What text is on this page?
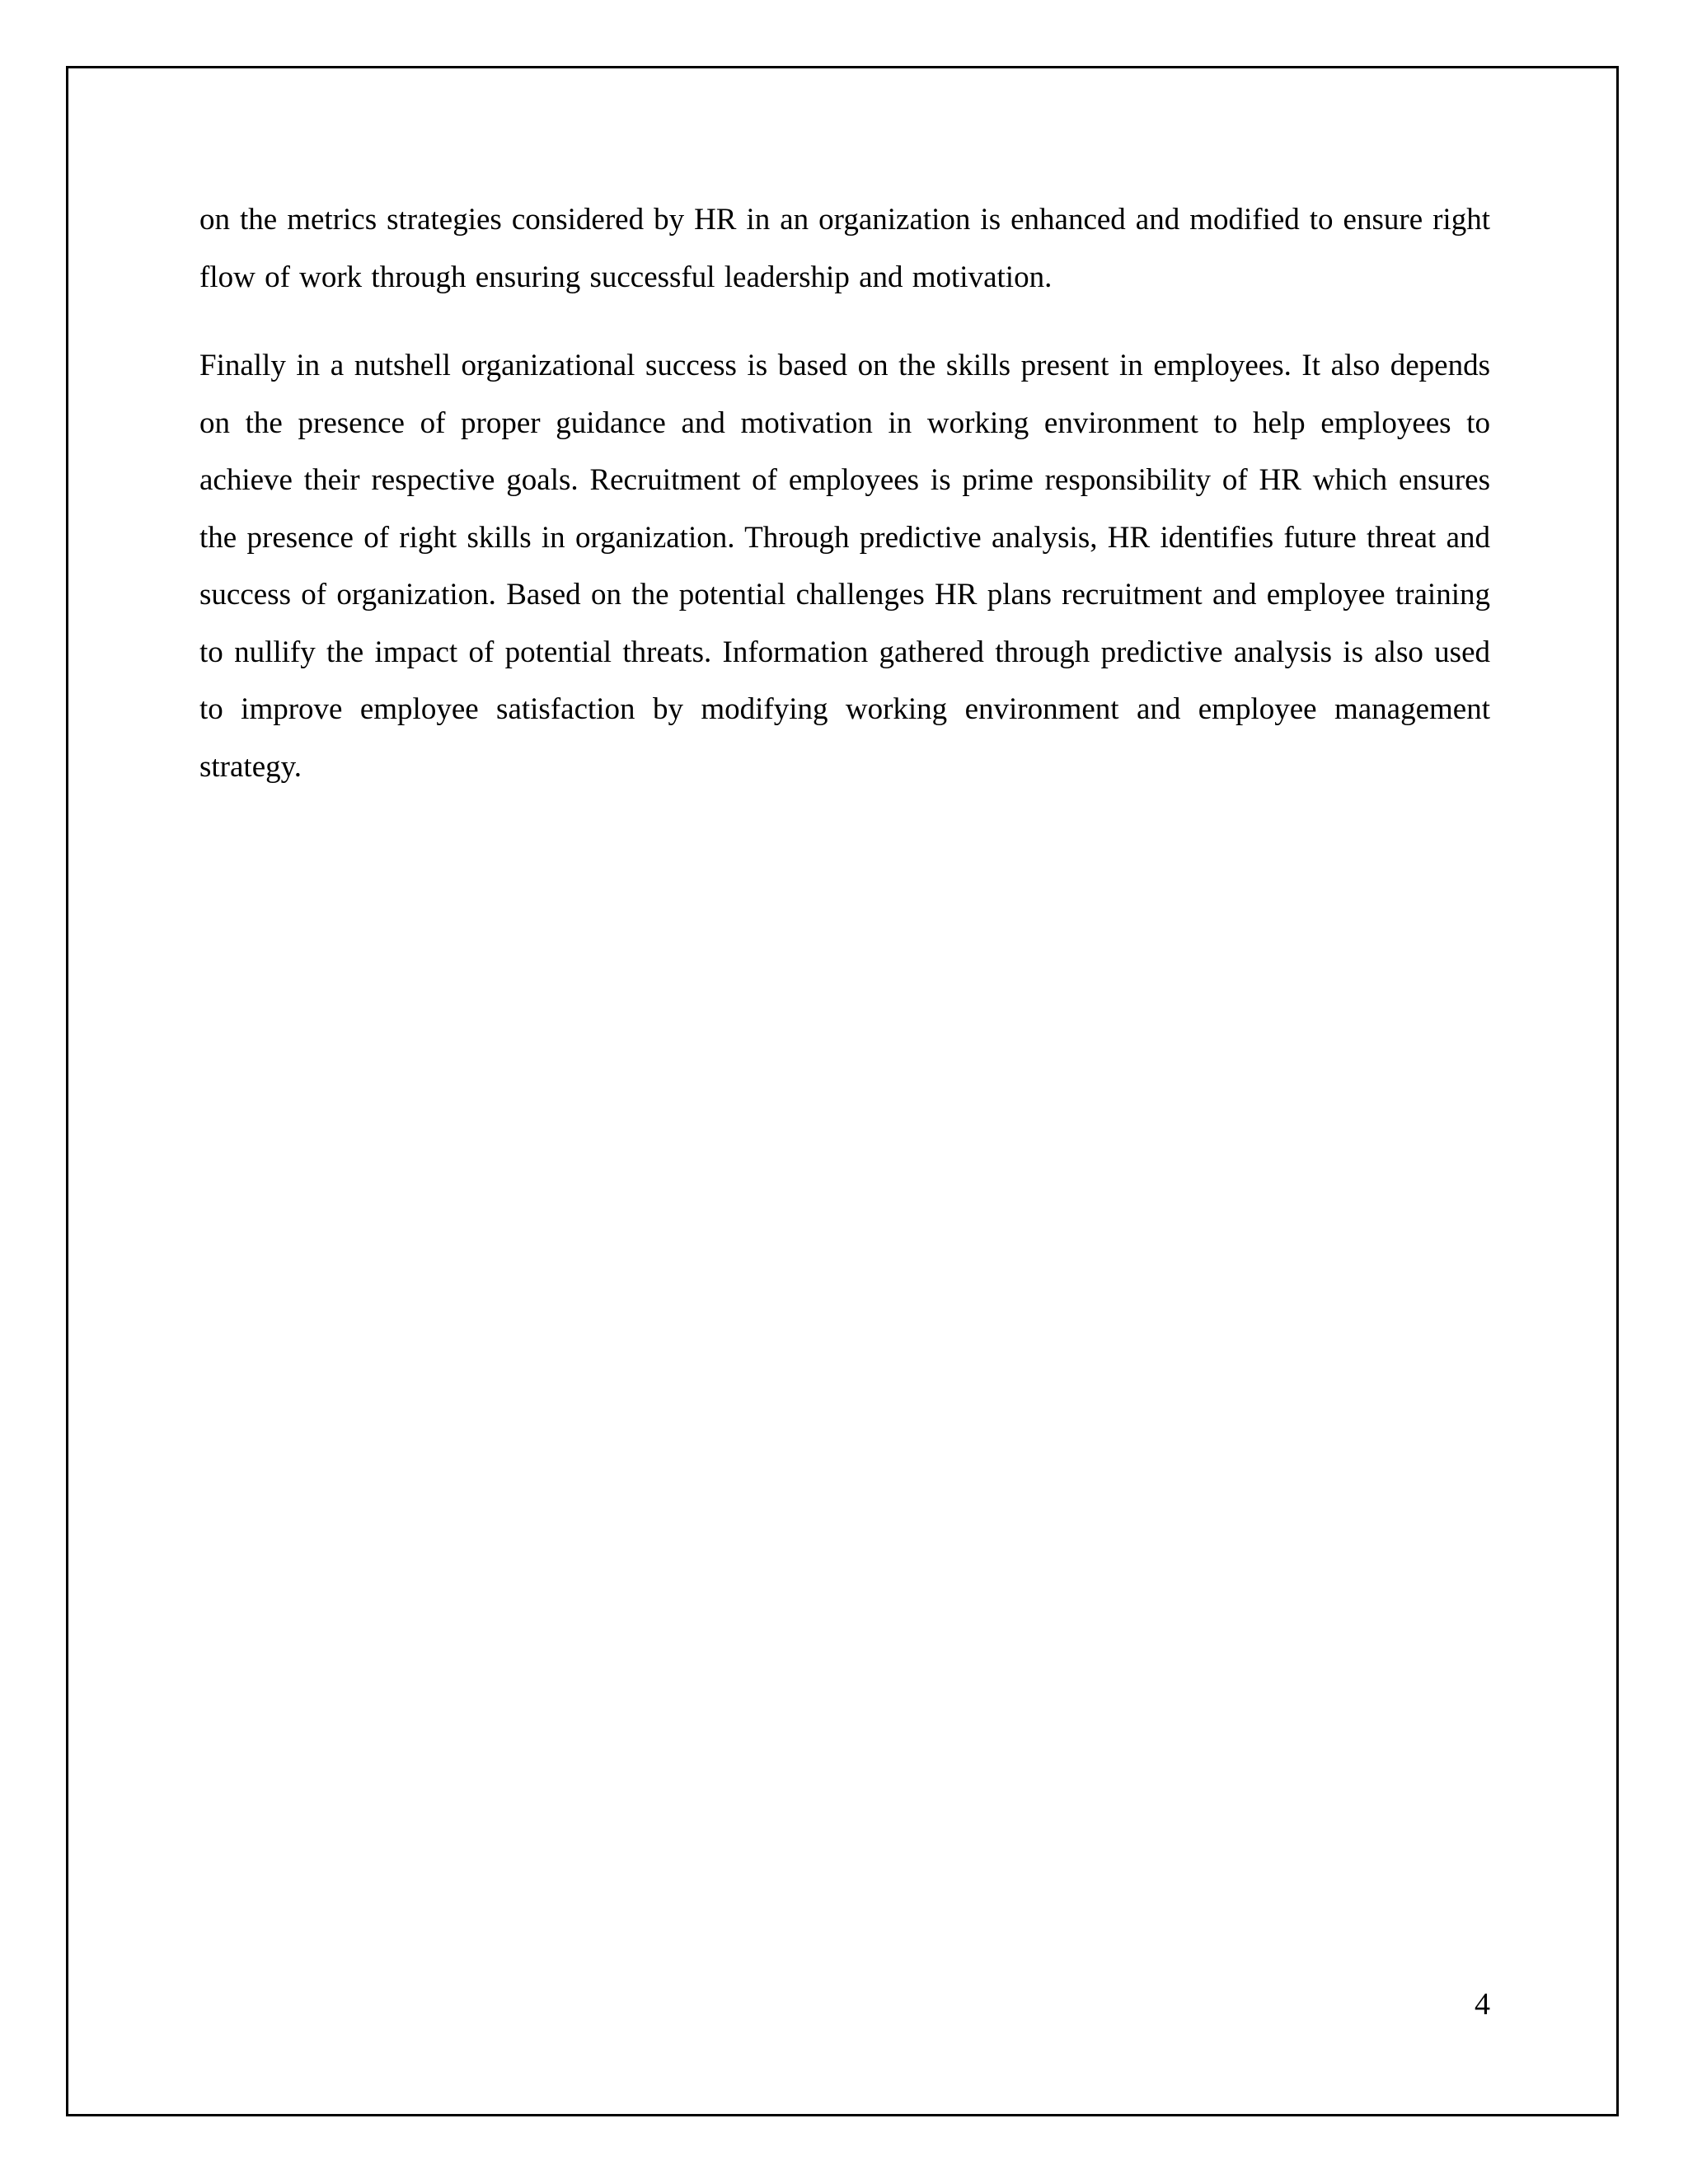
on the metrics strategies considered by HR in an organization is enhanced and modified to ensure right flow of work through ensuring successful leadership and motivation.

Finally in a nutshell organizational success is based on the skills present in employees. It also depends on the presence of proper guidance and motivation in working environment to help employees to achieve their respective goals. Recruitment of employees is prime responsibility of HR which ensures the presence of right skills in organization. Through predictive analysis, HR identifies future threat and success of organization. Based on the potential challenges HR plans recruitment and employee training to nullify the impact of potential threats. Information gathered through predictive analysis is also used to improve employee satisfaction by modifying working environment and employee management strategy.

4
